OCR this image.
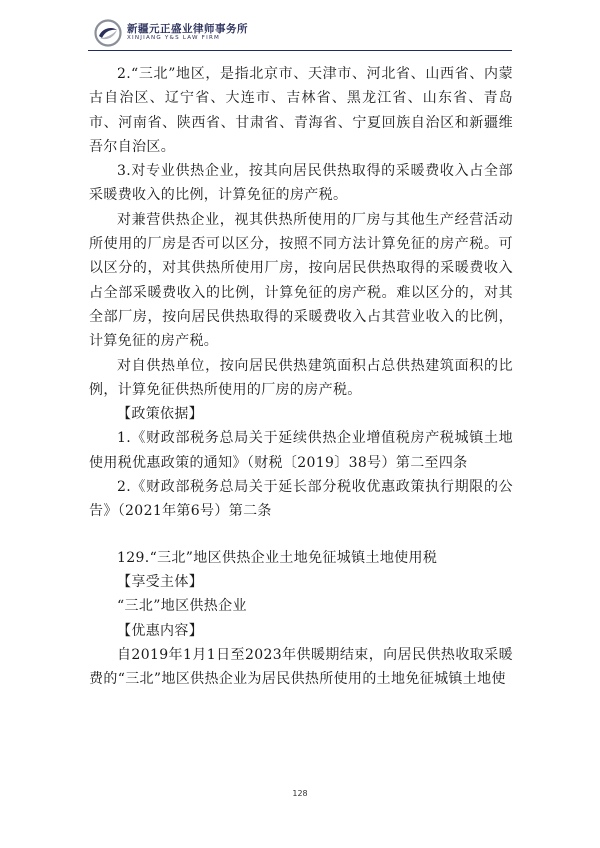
新疆元正盛业律师事务所
XINJIANG Y&S LAW FIRM

2.“三北”地区，是指北京市、天津市、河北省、山西省、内蒙古自治区、辽宁省、大连市、吉林省、黑龙江省、山东省、青岛市、河南省、陕西省、甘肃省、青海省、宁夏回族自治区和新疆维吾尔自治区。

3.对专业供热企业，按其向居民供热取得的采暖费收入占全部采暖费收入的比例，计算免征的房产税。

对兼营供热企业，视其供热所使用的厂房与其他生产经营活动所使用的厂房是否可以区分，按照不同方法计算免征的房产税。可以区分的，对其供热所使用厂房，按向居民供热取得的采暖费收入占全部采暖费收入的比例，计算免征的房产税。难以区分的，对其全部厂房，按向居民供热取得的采暖费收入占其营业收入的比例，计算免征的房产税。

对自供热单位，按向居民供热建筑面积占总供热建筑面积的比例，计算免征供热所使用的厂房的房产税。

【政策依据】

1.《财政部税务总局关于延续供热企业增值税房产税城镇土地使用税优惠政策的通知》（财税〔2019〕38号）第二至四条

2.《财政部税务总局关于延长部分税收优惠政策执行期限的公告》（2021年第6号）第二条

129.“三北”地区供热企业土地免征城镇土地使用税

【享受主体】

“三北”地区供热企业

【优惠内容】

自2019年1月1日至2023年供暖期结束，向居民供热收取采暖费的“三北”地区供热企业为居民供热所使用的土地免征城镇土地使

128
